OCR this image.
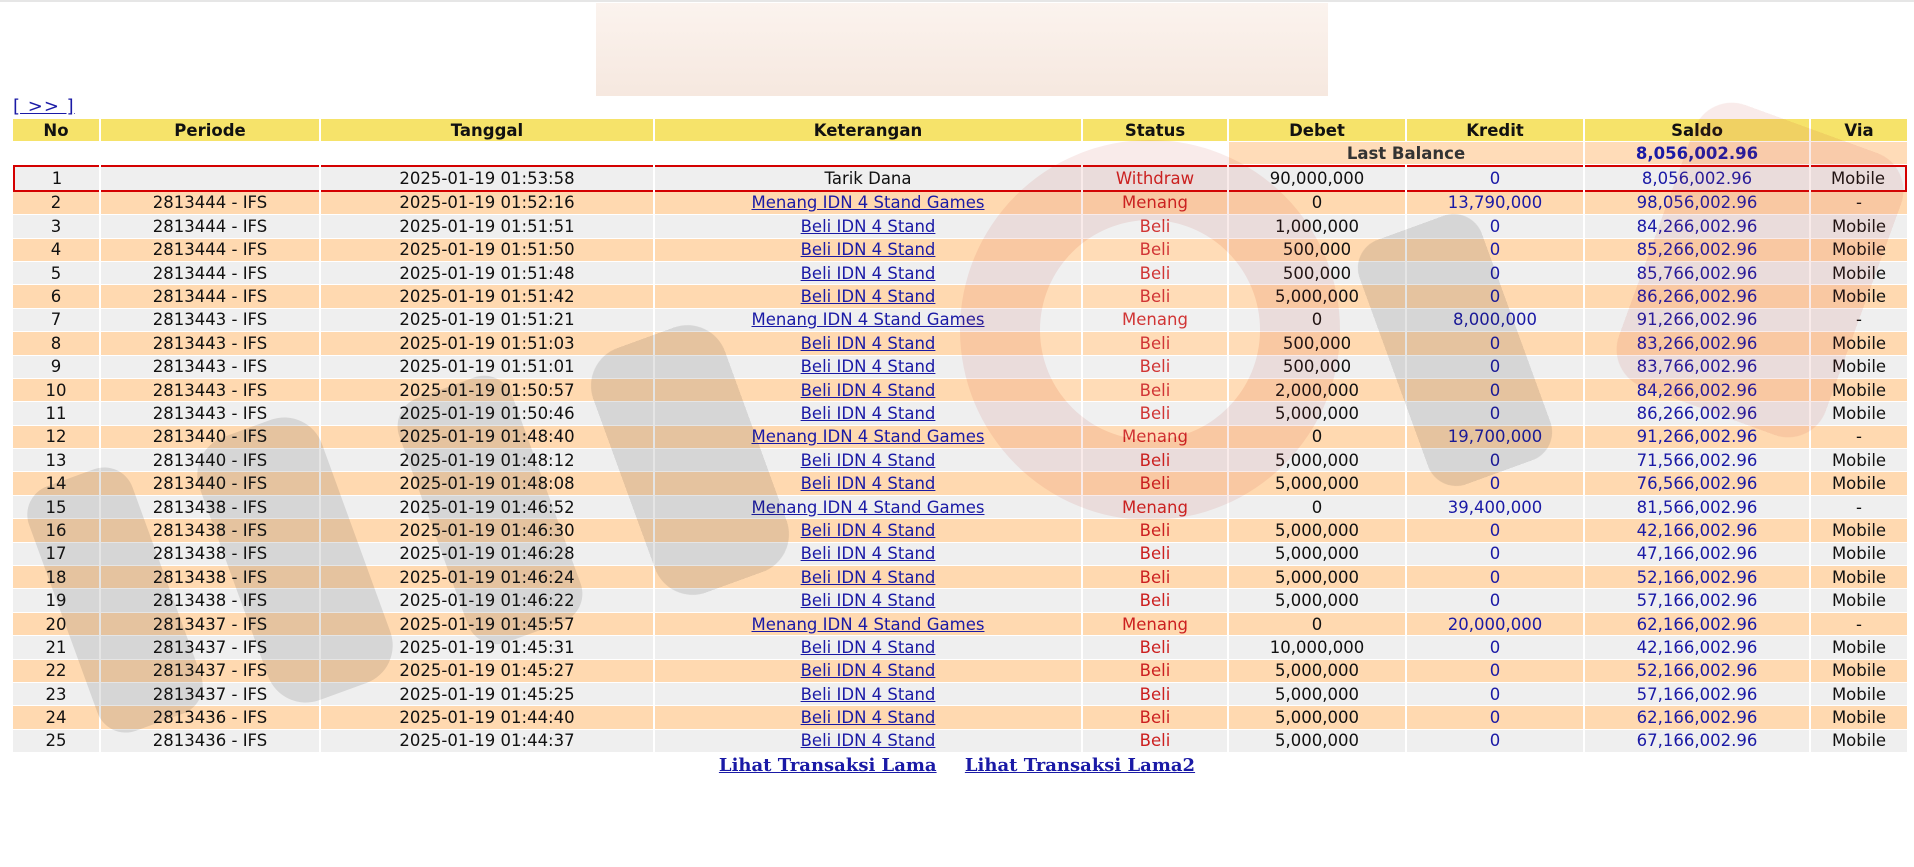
[ >> ]
No	Periode	Tanggal	Keterangan	Status	Debet	Kredit	Saldo	Via
					Last Balance		8,056,002.96	
1		2025-01-19 01:53:58	Tarik Dana	Withdraw	90,000,000	0	8,056,002.96	Mobile
2	2813444 - IFS	2025-01-19 01:52:16	Menang IDN 4 Stand Games	Menang	0	13,790,000	98,056,002.96	-
3	2813444 - IFS	2025-01-19 01:51:51	Beli IDN 4 Stand	Beli	1,000,000	0	84,266,002.96	Mobile
4	2813444 - IFS	2025-01-19 01:51:50	Beli IDN 4 Stand	Beli	500,000	0	85,266,002.96	Mobile
5	2813444 - IFS	2025-01-19 01:51:48	Beli IDN 4 Stand	Beli	500,000	0	85,766,002.96	Mobile
6	2813444 - IFS	2025-01-19 01:51:42	Beli IDN 4 Stand	Beli	5,000,000	0	86,266,002.96	Mobile
7	2813443 - IFS	2025-01-19 01:51:21	Menang IDN 4 Stand Games	Menang	0	8,000,000	91,266,002.96	-
8	2813443 - IFS	2025-01-19 01:51:03	Beli IDN 4 Stand	Beli	500,000	0	83,266,002.96	Mobile
9	2813443 - IFS	2025-01-19 01:51:01	Beli IDN 4 Stand	Beli	500,000	0	83,766,002.96	Mobile
10	2813443 - IFS	2025-01-19 01:50:57	Beli IDN 4 Stand	Beli	2,000,000	0	84,266,002.96	Mobile
11	2813443 - IFS	2025-01-19 01:50:46	Beli IDN 4 Stand	Beli	5,000,000	0	86,266,002.96	Mobile
12	2813440 - IFS	2025-01-19 01:48:40	Menang IDN 4 Stand Games	Menang	0	19,700,000	91,266,002.96	-
13	2813440 - IFS	2025-01-19 01:48:12	Beli IDN 4 Stand	Beli	5,000,000	0	71,566,002.96	Mobile
14	2813440 - IFS	2025-01-19 01:48:08	Beli IDN 4 Stand	Beli	5,000,000	0	76,566,002.96	Mobile
15	2813438 - IFS	2025-01-19 01:46:52	Menang IDN 4 Stand Games	Menang	0	39,400,000	81,566,002.96	-
16	2813438 - IFS	2025-01-19 01:46:30	Beli IDN 4 Stand	Beli	5,000,000	0	42,166,002.96	Mobile
17	2813438 - IFS	2025-01-19 01:46:28	Beli IDN 4 Stand	Beli	5,000,000	0	47,166,002.96	Mobile
18	2813438 - IFS	2025-01-19 01:46:24	Beli IDN 4 Stand	Beli	5,000,000	0	52,166,002.96	Mobile
19	2813438 - IFS	2025-01-19 01:46:22	Beli IDN 4 Stand	Beli	5,000,000	0	57,166,002.96	Mobile
20	2813437 - IFS	2025-01-19 01:45:57	Menang IDN 4 Stand Games	Menang	0	20,000,000	62,166,002.96	-
21	2813437 - IFS	2025-01-19 01:45:31	Beli IDN 4 Stand	Beli	10,000,000	0	42,166,002.96	Mobile
22	2813437 - IFS	2025-01-19 01:45:27	Beli IDN 4 Stand	Beli	5,000,000	0	52,166,002.96	Mobile
23	2813437 - IFS	2025-01-19 01:45:25	Beli IDN 4 Stand	Beli	5,000,000	0	57,166,002.96	Mobile
24	2813436 - IFS	2025-01-19 01:44:40	Beli IDN 4 Stand	Beli	5,000,000	0	62,166,002.96	Mobile
25	2813436 - IFS	2025-01-19 01:44:37	Beli IDN 4 Stand	Beli	5,000,000	0	67,166,002.96	Mobile
Lihat Transaksi Lama Lihat Transaksi Lama2
